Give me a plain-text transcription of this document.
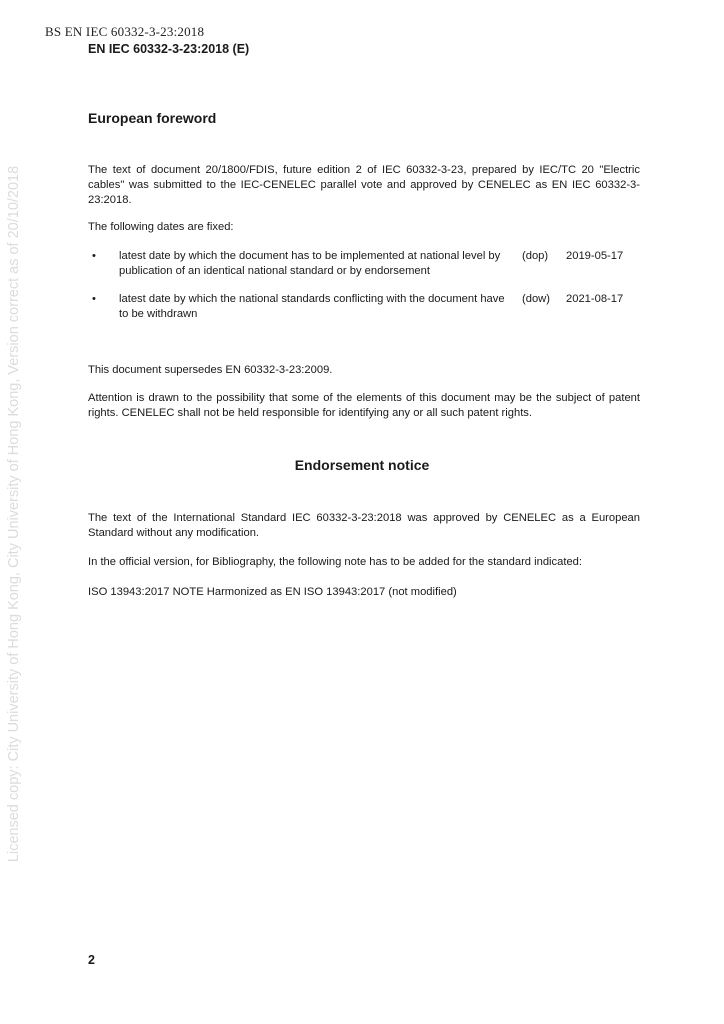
Licensed copy: City University of Hong Kong, City University of Hong Kong, Version correct as of 20/10/2018
BS EN IEC 60332-3-23:2018
EN IEC 60332-3-23:2018 (E)
European foreword

The text of document 20/1800/FDIS, future edition 2 of IEC 60332-3-23, prepared by IEC/TC 20 "Electric cables" was submitted to the IEC-CENELEC parallel vote and approved by CENELEC as EN IEC 60332-3-23:2018.

The following dates are fixed:

• latest date by which the document has to be implemented at national level by publication of an identical national standard or by endorsement
(dop) 2019-05-17
• latest date by which the national standards conflicting with the document have to be withdrawn
(dow) 2021-08-17

This document supersedes EN 60332-3-23:2009.

Attention is drawn to the possibility that some of the elements of this document may be the subject of patent rights. CENELEC shall not be held responsible for identifying any or all such patent rights.

Endorsement notice

The text of the International Standard IEC 60332-3-23:2018 was approved by CENELEC as a European Standard without any modification.

In the official version, for Bibliography, the following note has to be added for the standard indicated:

ISO 13943:2017 NOTE Harmonized as EN ISO 13943:2017 (not modified)

2
